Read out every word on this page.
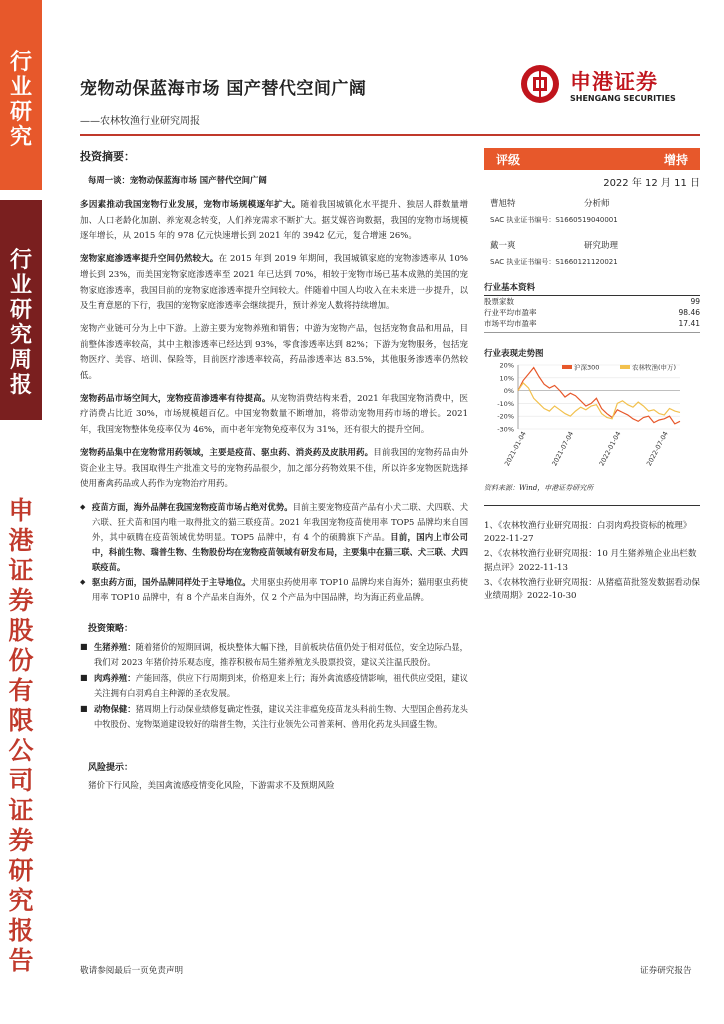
行
业
研
究
行
业
研
究
周
报
申
港
证
券
股
份
有
限
公
司
证
券
研
究
报
告
宠物动保蓝海市场 国产替代空间广阔
——农林牧渔行业研究周报
申港证券
SHENGANG SECURITIES
投资摘要：
每周一谈：宠物动保蓝海市场 国产替代空间广阔

多因素推动我国宠物行业发展，宠物市场规模逐年扩大。随着我国城镇化水平提升、独居人群数量增加、人口老龄化加剧、养宠观念转变，人们养宠需求不断扩大。据艾媒咨询数据，我国的宠物市场规模逐年增长，从 2015 年的 978 亿元快速增长到 2021 年的 3942 亿元，复合增速 26%。

宠物家庭渗透率提升空间仍然较大。在 2015 年到 2019 年期间，我国城镇家庭的宠物渗透率从 10%增长到 23%，而美国宠物家庭渗透率至 2021 年已达到 70%，相较于宠物市场已基本成熟的美国的宠物家庭渗透率，我国目前的宠物家庭渗透率提升空间较大。伴随着中国人均收入在未来进一步提升，以及生育意愿的下行，我国的宠物家庭渗透率会继续提升，预计养宠人数将持续增加。

宠物产业链可分为上中下游。上游主要为宠物养殖和销售；中游为宠物产品，包括宠物食品和用品，目前整体渗透率较高，其中主粮渗透率已经达到 93%，零食渗透率达到 82%；下游为宠物服务，包括宠物医疗、美容、培训、保险等，目前医疗渗透率较高，药品渗透率达 83.5%，其他服务渗透率仍然较低。

宠物药品市场空间大，宠物疫苗渗透率有待提高。从宠物消费结构来看，2021 年我国宠物消费中，医疗消费占比近 30%，市场规模超百亿。中国宠物数量不断增加，将带动宠物用药市场的增长。2021 年，我国宠物整体免疫率仅为 46%，而中老年宠物免疫率仅为 31%，还有很大的提升空间。

宠物药品集中在宠物常用药领域，主要是疫苗、驱虫药、消炎药及皮肤用药。目前我国的宠物药品由外资企业主导。我国取得生产批准文号的宠物药品很少，加之部分药物效果不佳，所以许多宠物医院选择使用畜禽药品或人药作为宠物治疗用药。

◆ 疫苗方面，海外品牌在我国宠物疫苗市场占绝对优势。目前主要宠物疫苗产品有小犬二联、犬四联、犬六联、狂犬苗和国内唯一取得批文的猫三联疫苗。2021 年我国宠物疫苗使用率 TOP5 品牌均来自国外，其中硕腾在疫苗领域优势明显。TOP5 品牌中，有 4 个的硕腾旗下产品。目前，国内上市公司中，科前生物、瑞普生物、生物股份均在宠物疫苗领域有研发布局，主要集中在猫三联、犬三联、犬四联疫苗。
◆ 驱虫药方面，国外品牌同样处于主导地位。犬用驱虫药使用率 TOP10 品牌均来自海外；猫用驱虫药使用率 TOP10 品牌中，有 8 个产品来自海外，仅 2 个产品为中国品牌，均为海正药业品牌。
投资策略：
■ 生猪养殖：随着猪价的短期回调，板块整体大幅下挫，目前板块估值仍处于相对低位，安全边际凸显，我们对 2023 年猪价持乐观态度，推荐积极布局生猪养殖龙头股票投资，建议关注温氏股份。
■ 肉鸡养殖：产能回落，供应下行周期到来，价格迎来上行；海外禽流感疫情影响，祖代供应受阻，建议关注拥有白羽鸡自主种源的圣农发展。
■ 动物保健：猪周期上行动保业绩修复确定性强，建议关注非瘟免疫苗龙头科前生物、大型国企兽药龙头中牧股份、宠物渠道建设较好的瑞普生物，关注行业领先公司普莱柯、兽用化药龙头回盛生物。
风险提示：
猪价下行风险，美国禽流感疫情变化风险，下游需求不及预期风险
评级	增持
2022 年 12 月 11 日
曹旭特	分析师
SAC 执业证书编号：S1660519040001
戴一爽	研究助理
SAC 执业证书编号：S1660121120021
行业基本资料
股票家数	99
行业平均市盈率	98.46
市场平均市盈率	17.41
行业表现走势图
20%
10%
0%
-10%
-20%
-30%
2021-01-04	2021-07-04	2022-01-04	2022-07-04
沪深300	农林牧渔(申万)
资料来源：Wind，申港证券研究所

1、《农林牧渔行业研究周报：白羽肉鸡投资标的梳理》2022-11-27

2、《农林牧渔行业研究周报：10 月生猪养殖企业出栏数据点评》2022-11-13

3、《农林牧渔行业研究周报：从猪瘟苗批签发数据看动保业绩周期》2022-10-30

敬请参阅最后一页免责声明	证券研究报告
